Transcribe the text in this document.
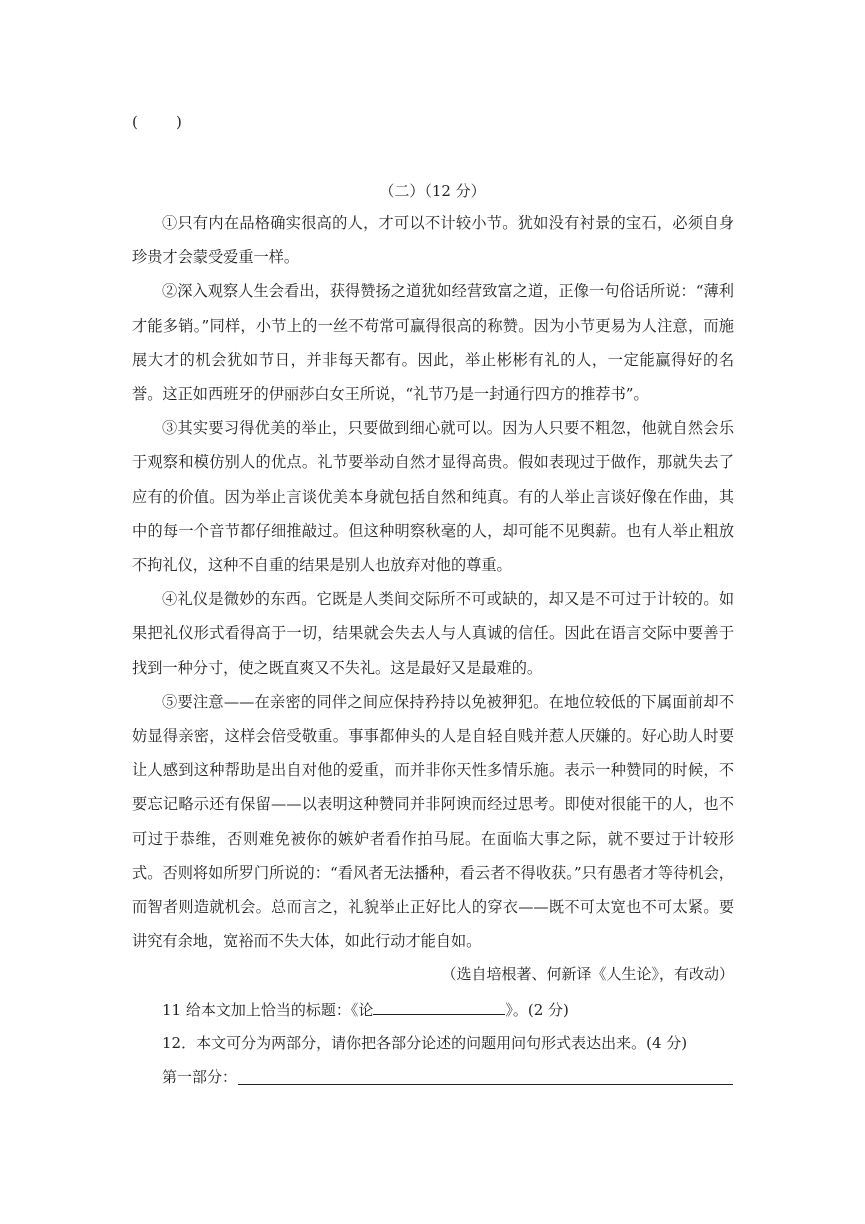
(        )
（二）（12 分）

①只有内在品格确实很高的人，才可以不计较小节。犹如没有衬景的宝石，必须自身珍贵才会蒙受爱重一样。

②深入观察人生会看出，获得赞扬之道犹如经营致富之道，正像一句俗话所说：“薄利才能多销。”同样，小节上的一丝不苟常可赢得很高的称赞。因为小节更易为人注意，而施展大才的机会犹如节日，并非每天都有。因此，举止彬彬有礼的人，一定能赢得好的名誉。这正如西班牙的伊丽莎白女王所说，“礼节乃是一封通行四方的推荐书”。

③其实要习得优美的举止，只要做到细心就可以。因为人只要不粗忽，他就自然会乐于观察和模仿别人的优点。礼节要举动自然才显得高贵。假如表现过于做作，那就失去了应有的价值。因为举止言谈优美本身就包括自然和纯真。有的人举止言谈好像在作曲，其中的每一个音节都仔细推敲过。但这种明察秋毫的人，却可能不见舆薪。也有人举止粗放不拘礼仪，这种不自重的结果是别人也放弃对他的尊重。

④礼仪是微妙的东西。它既是人类间交际所不可或缺的，却又是不可过于计较的。如果把礼仪形式看得高于一切，结果就会失去人与人真诚的信任。因此在语言交际中要善于找到一种分寸，使之既直爽又不失礼。这是最好又是最难的。

⑤要注意——在亲密的同伴之间应保持矜持以免被狎犯。在地位较低的下属面前却不妨显得亲密，这样会倍受敬重。事事都伸头的人是自轻自贱并惹人厌嫌的。好心助人时要让人感到这种帮助是出自对他的爱重，而并非你天性多情乐施。表示一种赞同的时候，不要忘记略示还有保留——以表明这种赞同并非阿谀而经过思考。即使对很能干的人，也不可过于恭维，否则难免被你的嫉妒者看作拍马屁。在面临大事之际，就不要过于计较形式。否则将如所罗门所说的：“看风者无法播种，看云者不得收获。”只有愚者才等待机会，而智者则造就机会。总而言之，礼貌举止正好比人的穿衣——既不可太宽也不可太紧。要讲究有余地，宽裕而不失大体，如此行动才能自如。

（选自培根著、何新译《人生论》，有改动）
11 给本文加上恰当的标题：《论	》。(2 分)
12．本文可分为两部分，请你把各部分论述的问题用问句形式表达出来。(4 分)
第一部分：
